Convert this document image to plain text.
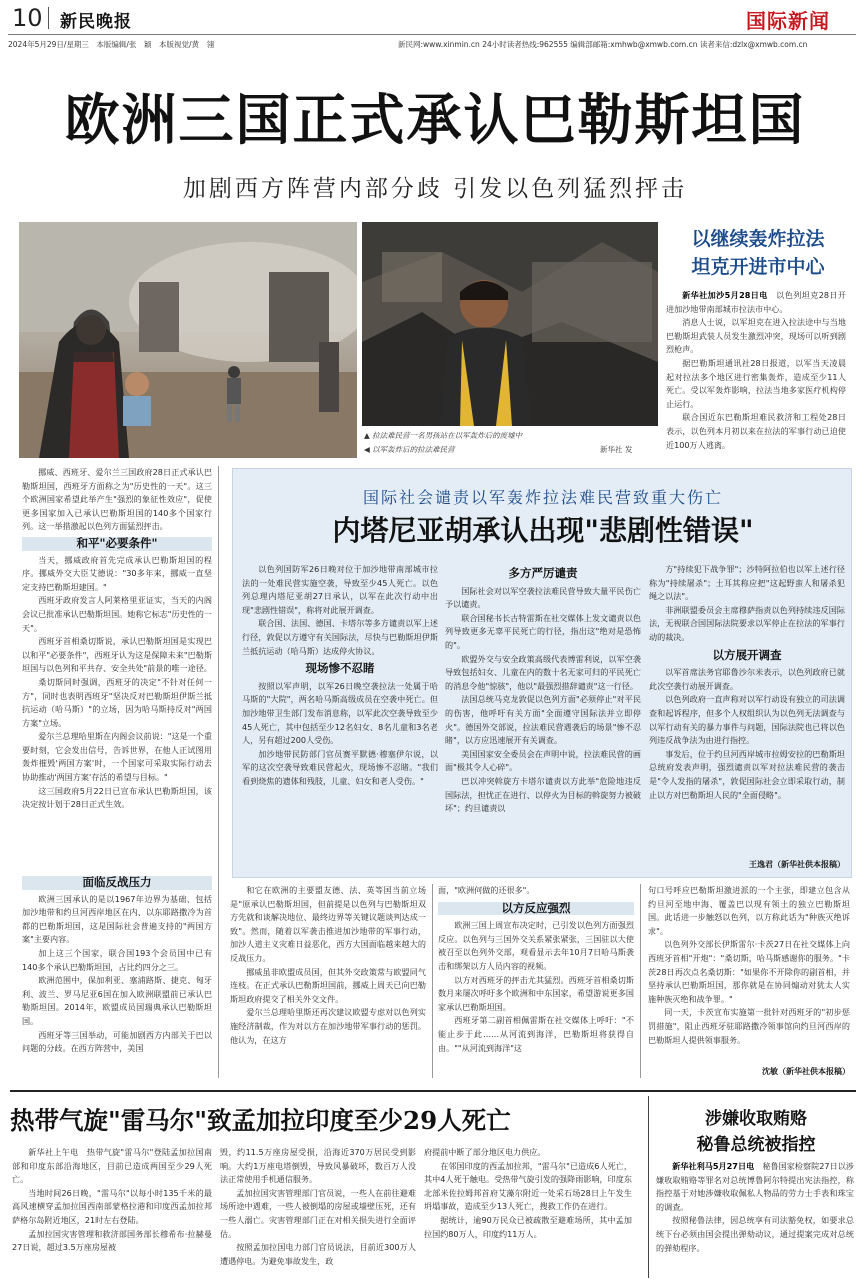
10 新民晚报	国际新闻
2024年5月29日/星期三　本版编辑/张　颖　本版视觉/黄　翎	新民网:www.xinmin.cn 24小时读者热线:962555 编辑部邮箱:xmhwb@xmwb.com.cn 读者来信:dzlx@xmwb.com.cn
欧洲三国正式承认巴勒斯坦国
加剧西方阵营内部分歧 引发以色列猛烈抨击
▲ 拉法难民营一名男孩站在以军轰炸后的废墟中
◀ 以军轰炸后的拉法难民营	新华社 发
以继续轰炸拉法
坦克开进市中心

新华社加沙5月28日电　 以色列坦克28日开进加沙地带南部城市拉法市中心。

消息人士说，以军坦克在进入拉法途中与当地巴勒斯坦武装人员发生激烈冲突，现场可以听到剧烈枪声。

据巴勒斯坦通讯社28日报道，以军当天凌晨起对拉法多个地区进行密集轰炸，造成至少11人死亡。受以军轰炸影响，拉法当地多家医疗机构停止运行。

联合国近东巴勒斯坦难民救济和工程处28日表示，以色列本月初以来在拉法的军事行动已迫使近100万人逃离。

挪威、西班牙、爱尔兰三国政府28日正式承认巴勒斯坦国，西班牙方面称之为"历史性的一天"。这三个欧洲国家希望此举产生"强烈的象征性效应"，促使更多国家加入已承认巴勒斯坦国的140多个国家行列。这一举措激起以色列方面猛烈抨击。

和平"必要条件"

当天，挪威政府首先完成承认巴勒斯坦国的程序。挪威外交大臣艾德说："30多年来，挪威一直坚定支持巴勒斯坦建国。"

西班牙政府发言人阿莱格里亚证实，当天的内阁会议已批准承认巴勒斯坦国。她称它标志"历史性的一天"。

西班牙首相桑切斯说，承认巴勒斯坦国是实现巴以和平"必要条件"，西班牙认为这是保障未来"巴勒斯坦国与以色列和平共存、安全共处"前景的唯一途径。

桑切斯同时强调，西班牙的决定"不针对任何一方"，同时也表明西班牙"坚决反对巴勒斯坦伊斯兰抵抗运动（哈马斯）"的立场，因为哈马斯持反对"两国方案"立场。

爱尔兰总理哈里斯在内阁会议前说："这是一个重要时刻，它会发出信号，告诉世界，在他人正试图用轰炸摧毁'两国方案'时，一个国家可采取实际行动去协助推动'两国方案'存活的希望与目标。"

这三国政府5月22日已宣布承认巴勒斯坦国，该决定按计划于28日正式生效。

面临反战压力

欧洲三国承认的是以1967年边界为基础、包括加沙地带和约旦河西岸地区在内、以东耶路撒冷为首都的巴勒斯坦国，这是国际社会普遍支持的"两国方案"主要内容。

加上这三个国家，联合国193个会员国中已有140多个承认巴勒斯坦国，占比约四分之三。

欧洲范围中，保加利亚、塞浦路斯、捷克、匈牙利、波兰、罗马尼亚6国在加入欧洲联盟前已承认巴勒斯坦国。2014年，欧盟成员国瑞典承认巴勒斯坦国。

西班牙等三国举动，可能加剧西方内部关于巴以问题的分歧。在西方阵营中，美国

国际社会谴责以军轰炸拉法难民营致重大伤亡
内塔尼亚胡承认出现"悲剧性错误"

以色列国防军26日晚对位于加沙地带南部城市拉法的一处难民营实施空袭，导致至少45人死亡。以色列总理内塔尼亚胡27日承认，以军在此次行动中出现"悲剧性错误"，称将对此展开调查。

联合国、法国、德国、卡塔尔等多方谴责以军上述行径，敦促以方遵守有关国际法，尽快与巴勒斯坦伊斯兰抵抗运动（哈马斯）达成停火协议。

现场惨不忍睹

按照以军声明，以军26日晚空袭拉法一处属于哈马斯的"大院"，两名哈马斯高级成员在空袭中死亡。但加沙地带卫生部门发布消息称，以军此次空袭导致至少45人死亡，其中包括至少12名妇女、8名儿童和3名老人，另有超过200人受伤。

加沙地带民防部门官员赛平默德·穆塞伊尔说，以军的这次空袭导致难民营起火，现场惨不忍睹。"我们看到烧焦的遗体和残肢，儿童、妇女和老人受伤。"

多方严厉谴责

国际社会对以军空袭拉法难民营导致大量平民伤亡予以谴责。

联合国秘书长古特雷斯在社交媒体上发文谴责以色列导致更多无辜平民死亡的行径，指出这"绝对是恐怖的"。

欧盟外交与安全政策高级代表博雷利说，以军空袭导致包括妇女、儿童在内的数十名无家可归的平民死亡的消息令他"惊骇"，他以"最强烈措辞谴责"这一行径。

法国总统马克龙敦促以色列方面"必须停止"对平民的伤害，他呼吁有关方面"全面遵守国际法并立即停火"。德国外交部说，拉法难民营遇袭后的场景"惨不忍睹"，以方应迅速展开有关调查。

美国国家安全委员会在声明中说，拉法难民营的画面"极其令人心碎"。

巴以冲突斡旋方卡塔尔谴责以方此举"危险地违反国际法，担忧正在进行、以停火为目标的斡旋努力被破坏"；约旦谴责以

方"持续犯下战争罪"；沙特阿拉伯也以军上述行径称为"持续屠杀"；土耳其称应把"这起野蛮人和屠杀犯绳之以法"。

非洲联盟委员会主席穆萨指责以色列持续违反国际法，无视联合国国际法院要求以军停止在拉法的军事行动的裁决。

以方展开调查

以军首席法务官耶鲁沙尔米表示，以色列政府已就此次空袭行动展开调查。

以色列政府一直声称对以军行动设有独立的司法调查和起诉程序，但多个人权组织认为以色列无法调查与以军行动有关的暴力事件与问题，国际法院也已将以色列违反战争法为由进行指控。

事发后，位于约旦河西岸城市拉姆安拉的巴勒斯坦总统府发表声明，强烈谴责以军对拉法难民营的袭击是"令人发指的屠杀"，敦促国际社会立即采取行动，制止以方对巴勒斯坦人民的"全面侵略"。

王逸君（新华社供本报稿）

和它在欧洲的主要盟友德、法、英等国当前立场是"原承认巴勒斯坦国，但前提是以色列与巴勒斯坦双方先就和谈解决地位、最终边界等关键议题谈判达成一致"。然而，随着以军袭击推进加沙地带的军事行动，加沙人道主义灾难日益恶化，西方大国面临越来越大的反战压力。

挪威虽非欧盟成员国，但其外交政策常与欧盟同气连枝。在正式承认巴勒斯坦国前，挪威上周天已向巴勒斯坦政府提交了相关外交文件。

爱尔兰总理哈里斯还再次建议欧盟专虑对以色列实施经济制裁，作为对以方在加沙地带军事行动的惩罚。他认为，在这方

面，"欧洲何做的还很多"。

以方反应强烈

欧洲三国上周宣布决定时，已引发以色列方面强烈反应。以色列与三国外交关系紧张紧张，三国驻以大使被召至以色列外交部，观看显示去年10月7日哈马斯袭击和绑架以方人员内容的视频。

以方对西班牙的抨击尤其猛烈。西班牙首相桑切斯数月来屡次呼吁多个欧洲和中东国家，希望游说更多国家承认巴勒斯坦国。

西班牙第二副首相佩雷斯在社交媒体上呼吁："不能止步于此……从河流到海洋，巴勒斯坦将获得自由。""从河流到海洋"这

句口号呼应巴勒斯坦激进派的一个主张，即建立包含从约旦河至地中海、覆盖巴以现有领土的独立巴勒斯坦国。此话进一步触怒以色列，以方称此话为"种族灭绝诉求"。

以色列外交部长伊斯雷尔·卡茨27日在社交媒体上向西班牙首相"开炮"："桑切斯，哈马斯感谢你的服务。"卡茨28日再次点名桑切斯："如果你不开除你的副首相，并坚持承认巴勒斯坦国，那你就是在协同煽动对犹太人实施种族灭绝和战争罪。"

同一天，卡茨宣布实施第一批针对西班牙的"初步惩罚措施"，阻止西班牙驻耶路撒冷领事馆向约旦河西岸的巴勒斯坦人提供领事服务。

沈敏（新华社供本报稿）
热带气旋"雷马尔"致孟加拉印度至少29人死亡

新华社上午电　热带气旋"雷马尔"登陆孟加拉国南部和印度东部沿海地区，目前已造成两国至少29人死亡。

当地时间26日晚，"雷马尔"以每小时135千米的最高风速横穿孟加拉国西南部蒙格拉港和印度西孟加拉邦萨格尔岛附近地区，21时左右登陆。

孟加拉国灾害管理和救济部国务部长穆希布·拉赫曼27日说，超过3.5万座房屋被

毁，约11.5万座房屋受损，沿海近370万居民受到影响。大约1万座电塔倒毁，导致风暴破坏，数百万人没法正常使用手机通信服务。

孟加拉国灾害管理部门官员说，一些人在前往避难场所途中遇难，一些人被倒塌的房屋或墙壁压死，还有一些人溺亡。灾害管理部门正在对相关损失进行全面评估。

按照孟加拉国电力部门官员说法，目前近300万人遭遇停电。为避免事故发生，政

府提前中断了部分地区电力供应。

在邻国印度的西孟加拉邦，"雷马尔"已造成6人死亡，其中4人死于触电。受热带气旋引发的强降雨影响，印度东北部米佐拉姆邦首府艾藻尔附近一处采石场28日上午发生坍塌事故，造成至少13人死亡，搜救工作仍在进行。

据统计，逾90万民众已被疏散至避难场所，其中孟加拉国约80万人，印度约11万人。

涉嫌收取贿赂
秘鲁总统被指控

新华社利马5月27日电　 秘鲁国家检察院27日以涉嫌收取贿赂等罪名对总统博鲁阿尔特提出宪法指控，称指控基于对她涉嫌收取佩私人物品的劳力士手表和珠宝的调查。

按照秘鲁法律，因总统享有司法豁免权，如要求总统下台必须由国会提出弹劾动议，通过提案完成对总统的弹劾程序。
